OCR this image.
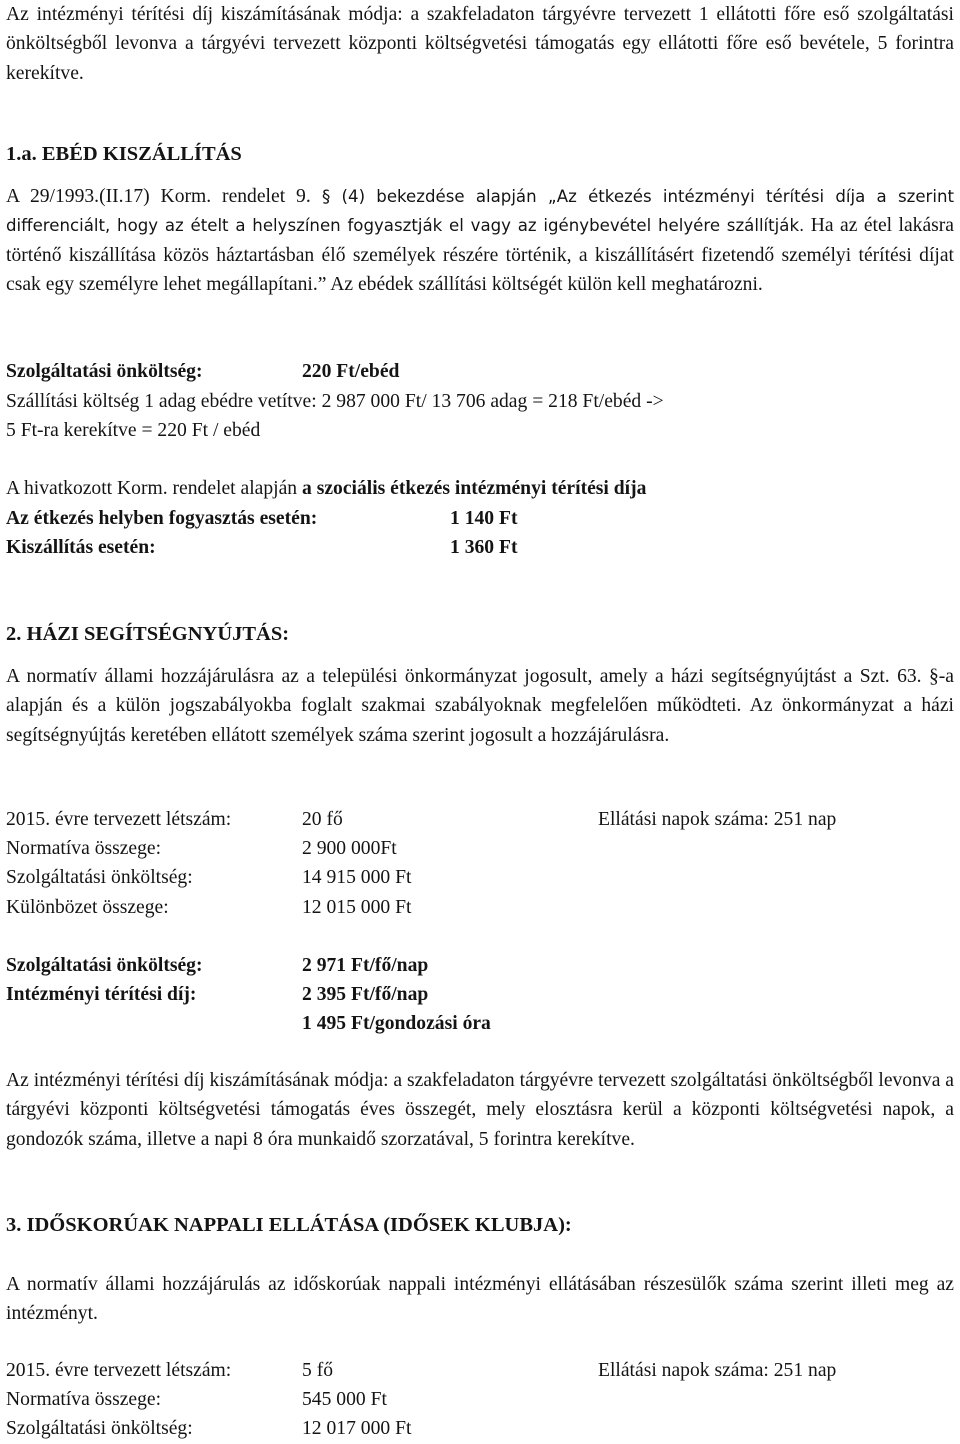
Az intézményi térítési díj kiszámításának módja: a szakfeladaton tárgyévre tervezett 1 ellátotti főre eső szolgáltatási önköltségből levonva a tárgyévi tervezett központi költségvetési támogatás egy ellátotti főre eső bevétele, 5 forintra kerekítve.

1.a. EBÉD KISZÁLLÍTÁS

A 29/1993.(II.17) Korm. rendelet 9. § (4) bekezdése alapján „Az étkezés intézményi térítési díja a szerint differenciált, hogy az ételt a helyszínen fogyasztják el vagy az igénybevétel helyére szállítják. Ha az étel lakásra történő kiszállítása közös háztartásban élő személyek részére történik, a kiszállításért fizetendő személyi térítési díjat csak egy személyre lehet megállapítani.” Az ebédek szállítási költségét külön kell meghatározni.

Szolgáltatási önköltség:	220 Ft/ebéd
Szállítási költség 1 adag ebédre vetítve: 2 987 000 Ft/ 13 706 adag = 218 Ft/ebéd ->
5 Ft-ra kerekítve = 220 Ft / ebéd
A hivatkozott Korm. rendelet alapján a szociális étkezés intézményi térítési díja
Az étkezés helyben fogyasztás esetén:	1 140 Ft
Kiszállítás esetén:	1 360 Ft
2. HÁZI SEGÍTSÉGNYÚJTÁS:

A normatív állami hozzájárulásra az a települési önkormányzat jogosult, amely a házi segítségnyújtást a Szt. 63. §-a alapján és a külön jogszabályokba foglalt szakmai szabályoknak megfelelően működteti. Az önkormányzat a házi segítségnyújtás keretében ellátott személyek száma szerint jogosult a hozzájárulásra.

2015. évre tervezett létszám:	20 fő	Ellátási napok száma: 251 nap
Normatíva összege:	2 900 000Ft
Szolgáltatási önköltség:	14 915 000 Ft
Különbözet összege:	12 015 000 Ft
Szolgáltatási önköltség:	2 971 Ft/fő/nap
Intézményi térítési díj:	2 395 Ft/fő/nap
1 495 Ft/gondozási óra

Az intézményi térítési díj kiszámításának módja: a szakfeladaton tárgyévre tervezett szolgáltatási önköltségből levonva a tárgyévi központi költségvetési támogatás éves összegét, mely elosztásra kerül a központi költségvetési napok, a gondozók száma, illetve a napi 8 óra munkaidő szorzatával, 5 forintra kerekítve.

3. IDŐSKORÚAK NAPPALI ELLÁTÁSA (IDŐSEK KLUBJA):

A normatív állami hozzájárulás az időskorúak nappali intézményi ellátásában részesülők száma szerint illeti meg az intézményt.

2015. évre tervezett létszám:	5 fő	Ellátási napok száma: 251 nap
Normatíva összege:	545 000 Ft
Szolgáltatási önköltség:	12 017 000 Ft
